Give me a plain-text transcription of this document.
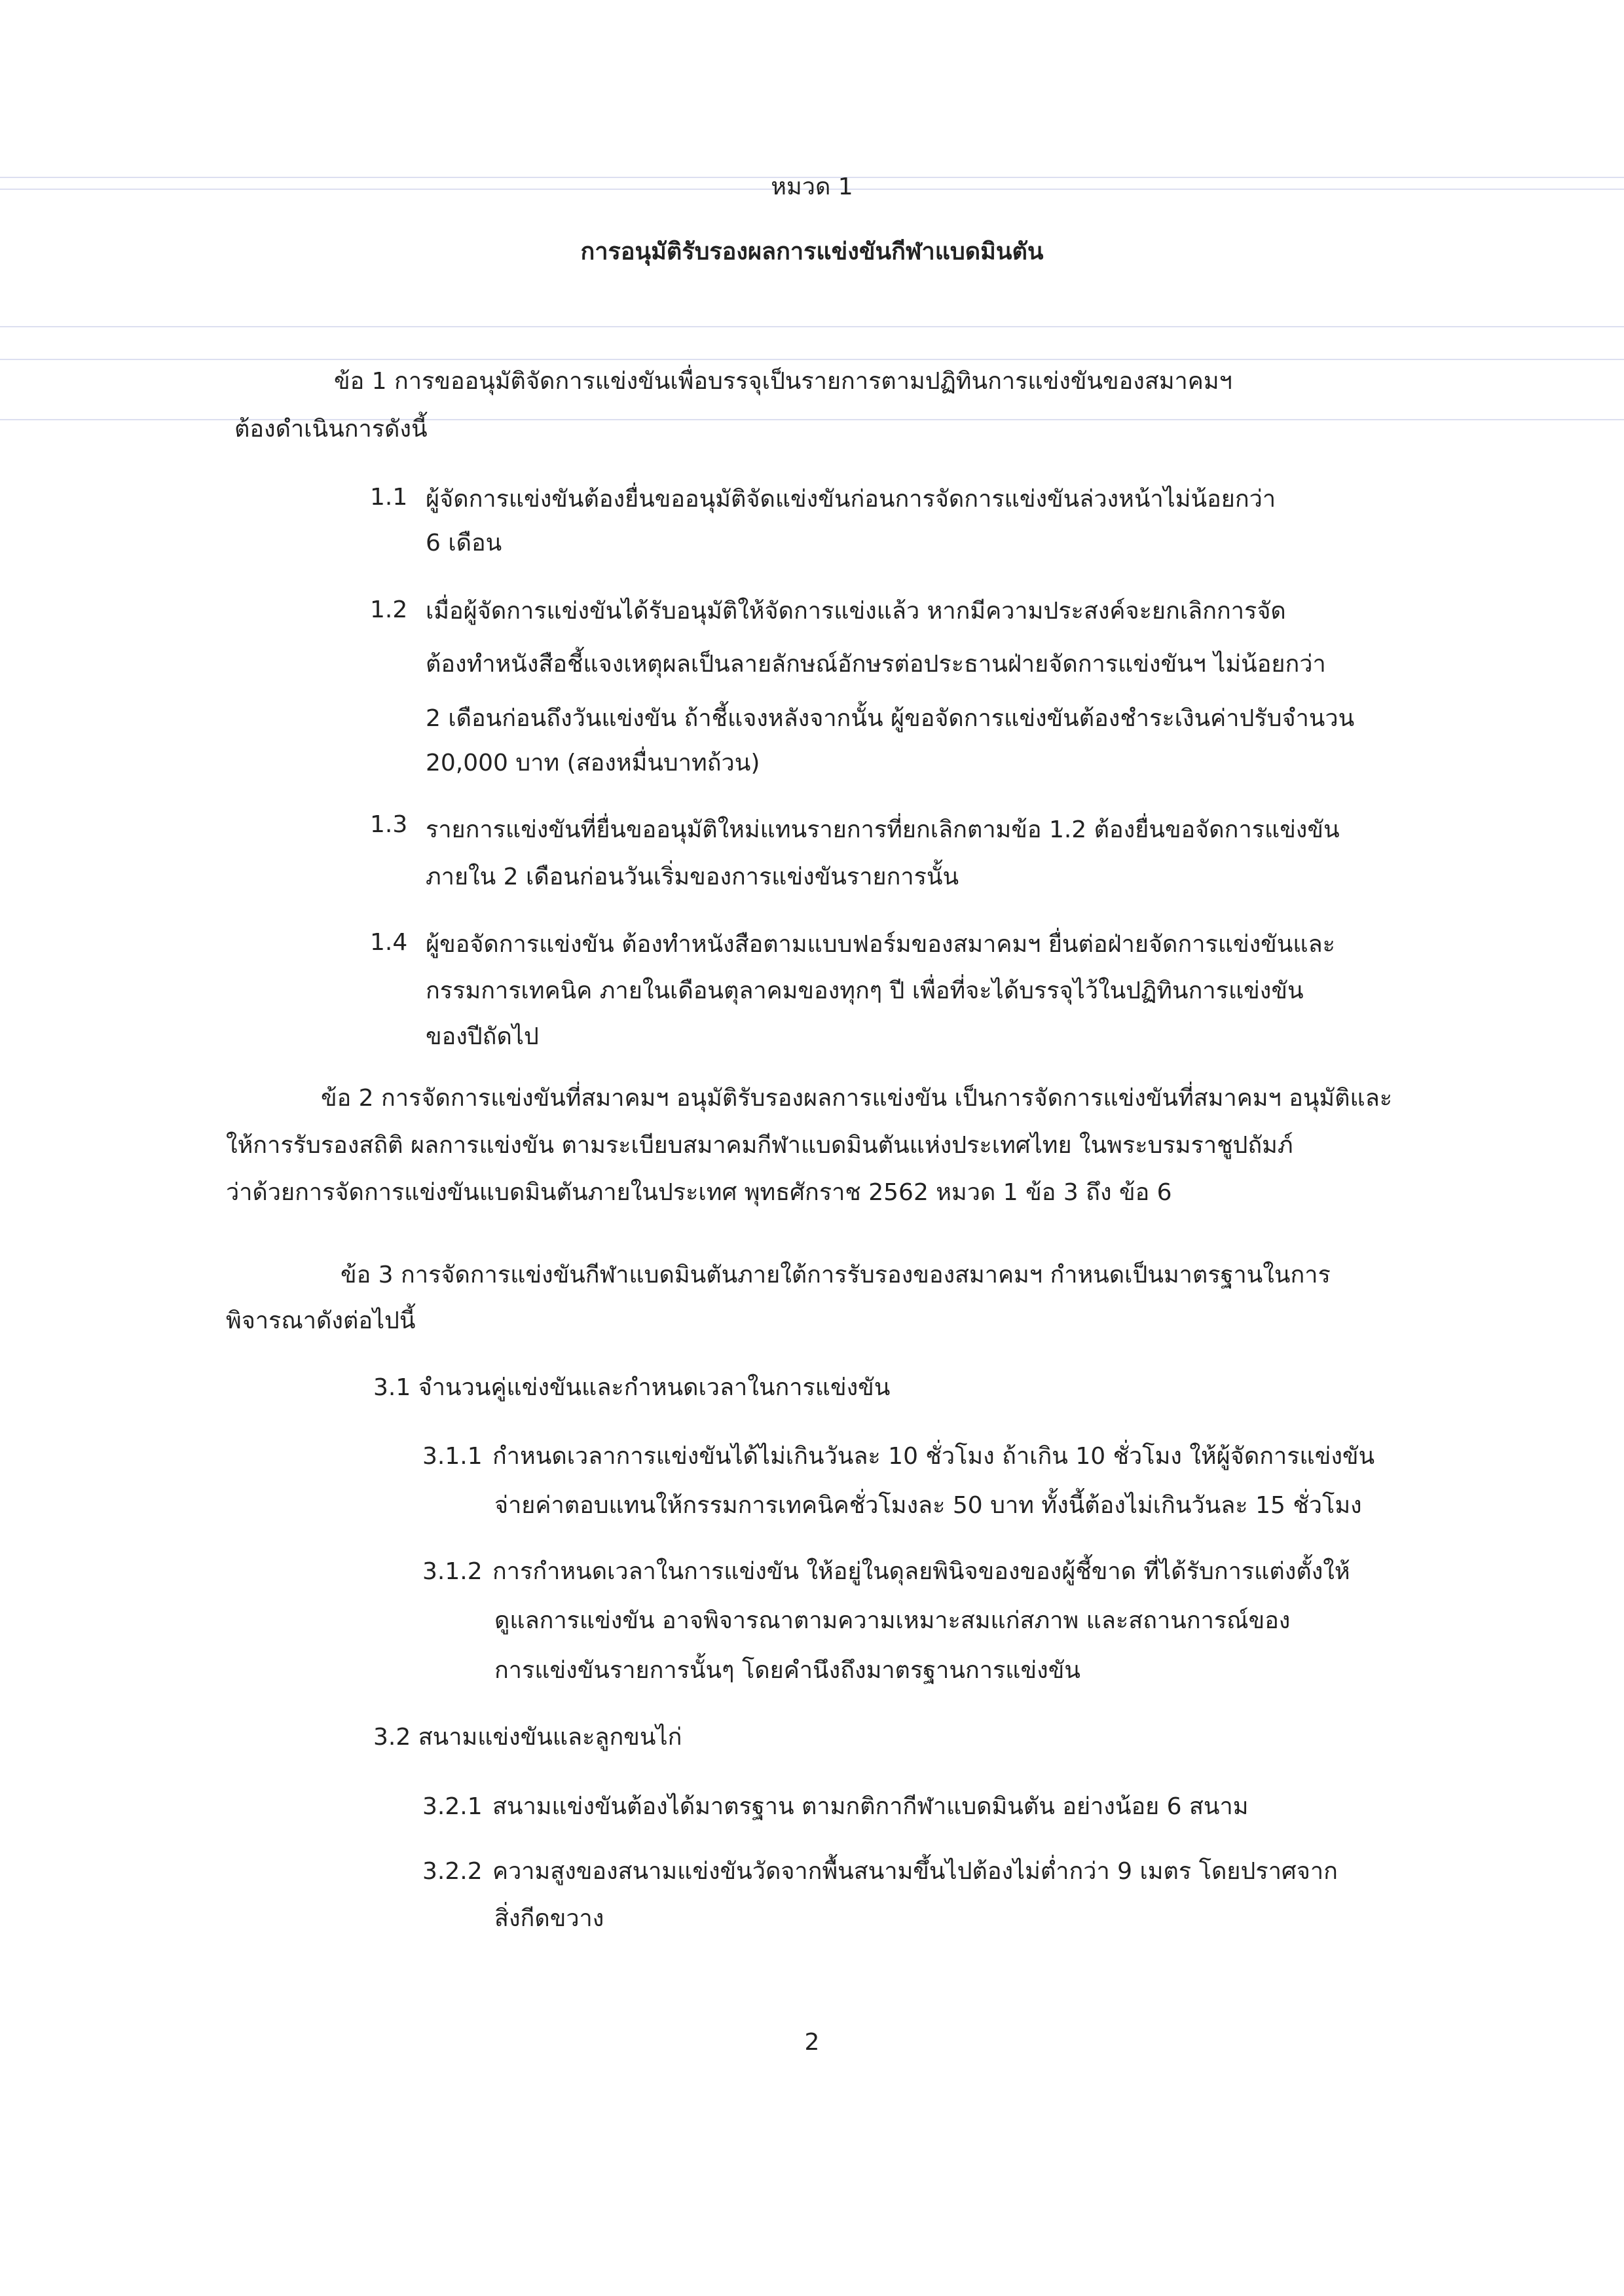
หมวด 1
การอนุมัติรับรองผลการแข่งขันกีฬาแบดมินตัน
ข้อ 1 การขออนุมัติจัดการแข่งขันเพื่อบรรจุเป็นรายการตามปฏิทินการแข่งขันของสมาคมฯ
ต้องดำเนินการดังนี้
1.1 ผู้จัดการแข่งขันต้องยื่นขออนุมัติจัดแข่งขันก่อนการจัดการแข่งขันล่วงหน้าไม่น้อยกว่า
6 เดือน
1.2 เมื่อผู้จัดการแข่งขันได้รับอนุมัติให้จัดการแข่งแล้ว หากมีความประสงค์จะยกเลิกการจัด
ต้องทำหนังสือชี้แจงเหตุผลเป็นลายลักษณ์อักษรต่อประธานฝ่ายจัดการแข่งขันฯ ไม่น้อยกว่า
2 เดือนก่อนถึงวันแข่งขัน ถ้าชี้แจงหลังจากนั้น ผู้ขอจัดการแข่งขันต้องชำระเงินค่าปรับจำนวน
20,000 บาท (สองหมื่นบาทถ้วน)
1.3 รายการแข่งขันที่ยื่นขออนุมัติใหม่แทนรายการที่ยกเลิกตามข้อ 1.2 ต้องยื่นขอจัดการแข่งขัน
ภายใน 2 เดือนก่อนวันเริ่มของการแข่งขันรายการนั้น
1.4 ผู้ขอจัดการแข่งขัน ต้องทำหนังสือตามแบบฟอร์มของสมาคมฯ ยื่นต่อฝ่ายจัดการแข่งขันและ
กรรมการเทคนิค ภายในเดือนตุลาคมของทุกๆ ปี เพื่อที่จะได้บรรจุไว้ในปฏิทินการแข่งขัน
ของปีถัดไป
ข้อ 2 การจัดการแข่งขันที่สมาคมฯ อนุมัติรับรองผลการแข่งขัน เป็นการจัดการแข่งขันที่สมาคมฯ อนุมัติและ
ให้การรับรองสถิติ ผลการแข่งขัน ตามระเบียบสมาคมกีฬาแบดมินตันแห่งประเทศไทย ในพระบรมราชูปถัมภ์
ว่าด้วยการจัดการแข่งขันแบดมินตันภายในประเทศ พุทธศักราช 2562 หมวด 1 ข้อ 3 ถึง ข้อ 6
ข้อ 3 การจัดการแข่งขันกีฬาแบดมินตันภายใต้การรับรองของสมาคมฯ กำหนดเป็นมาตรฐานในการ
พิจารณาดังต่อไปนี้
3.1 จำนวนคู่แข่งขันและกำหนดเวลาในการแข่งขัน
3.1.1 กำหนดเวลาการแข่งขันได้ไม่เกินวันละ 10 ชั่วโมง ถ้าเกิน 10 ชั่วโมง ให้ผู้จัดการแข่งขัน
จ่ายค่าตอบแทนให้กรรมการเทคนิคชั่วโมงละ 50 บาท ทั้งนี้ต้องไม่เกินวันละ 15 ชั่วโมง
3.1.2 การกำหนดเวลาในการแข่งขัน ให้อยู่ในดุลยพินิจของของผู้ชี้ขาด ที่ได้รับการแต่งตั้งให้
ดูแลการแข่งขัน อาจพิจารณาตามความเหมาะสมแก่สภาพ และสถานการณ์ของ
การแข่งขันรายการนั้นๆ โดยคำนึงถึงมาตรฐานการแข่งขัน
3.2 สนามแข่งขันและลูกขนไก่
3.2.1 สนามแข่งขันต้องได้มาตรฐาน ตามกติกากีฬาแบดมินตัน อย่างน้อย 6 สนาม
3.2.2 ความสูงของสนามแข่งขันวัดจากพื้นสนามขึ้นไปต้องไม่ต่ำกว่า 9 เมตร โดยปราศจาก
สิ่งกีดขวาง
2
